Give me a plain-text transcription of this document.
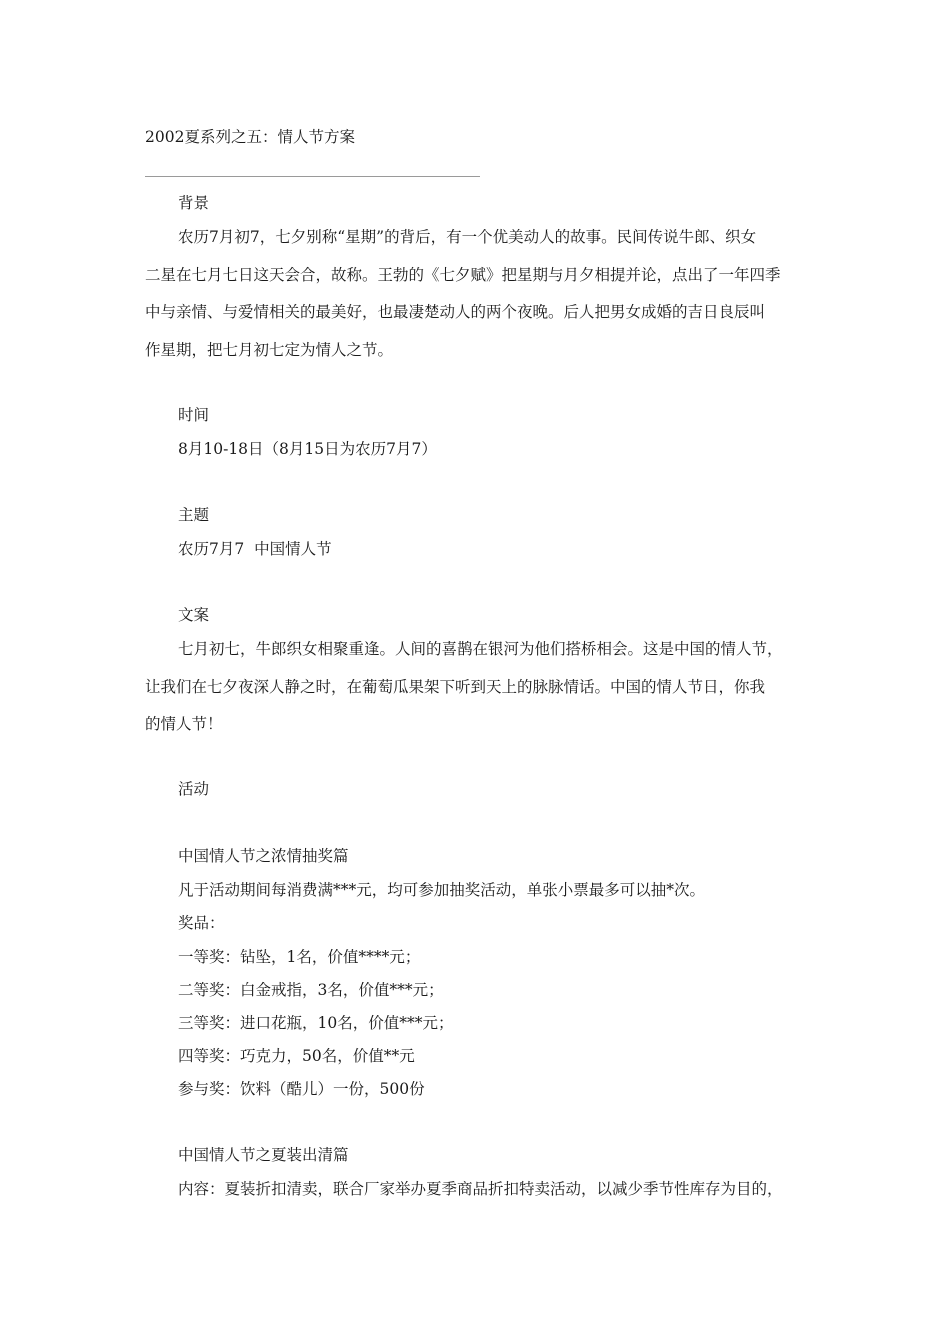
2002夏系列之五：情人节方案
背景
农历7月初7，七夕别称“星期”的背后，有一个优美动人的故事。民间传说牛郎、织女
二星在七月七日这天会合，故称。王勃的《七夕赋》把星期与月夕相提并论，点出了一年四季
中与亲情、与爱情相关的最美好，也最凄楚动人的两个夜晚。后人把男女成婚的吉日良辰叫
作星期，把七月初七定为情人之节。
时间
8月10-18日（8月15日为农历7月7）
主题
农历7月7  中国情人节
文案
七月初七，牛郎织女相聚重逢。人间的喜鹊在银河为他们搭桥相会。这是中国的情人节，
让我们在七夕夜深人静之时，在葡萄瓜果架下听到天上的脉脉情话。中国的情人节日，你我
的情人节！
活动
中国情人节之浓情抽奖篇
凡于活动期间每消费满***元，均可参加抽奖活动，单张小票最多可以抽*次。
奖品：
一等奖：钻坠，1名，价值****元；
二等奖：白金戒指，3名，价值***元；
三等奖：进口花瓶，10名，价值***元；
四等奖：巧克力，50名，价值**元
参与奖：饮料（酷儿）一份，500份
中国情人节之夏装出清篇
内容：夏装折扣清卖，联合厂家举办夏季商品折扣特卖活动，以减少季节性库存为目的，
